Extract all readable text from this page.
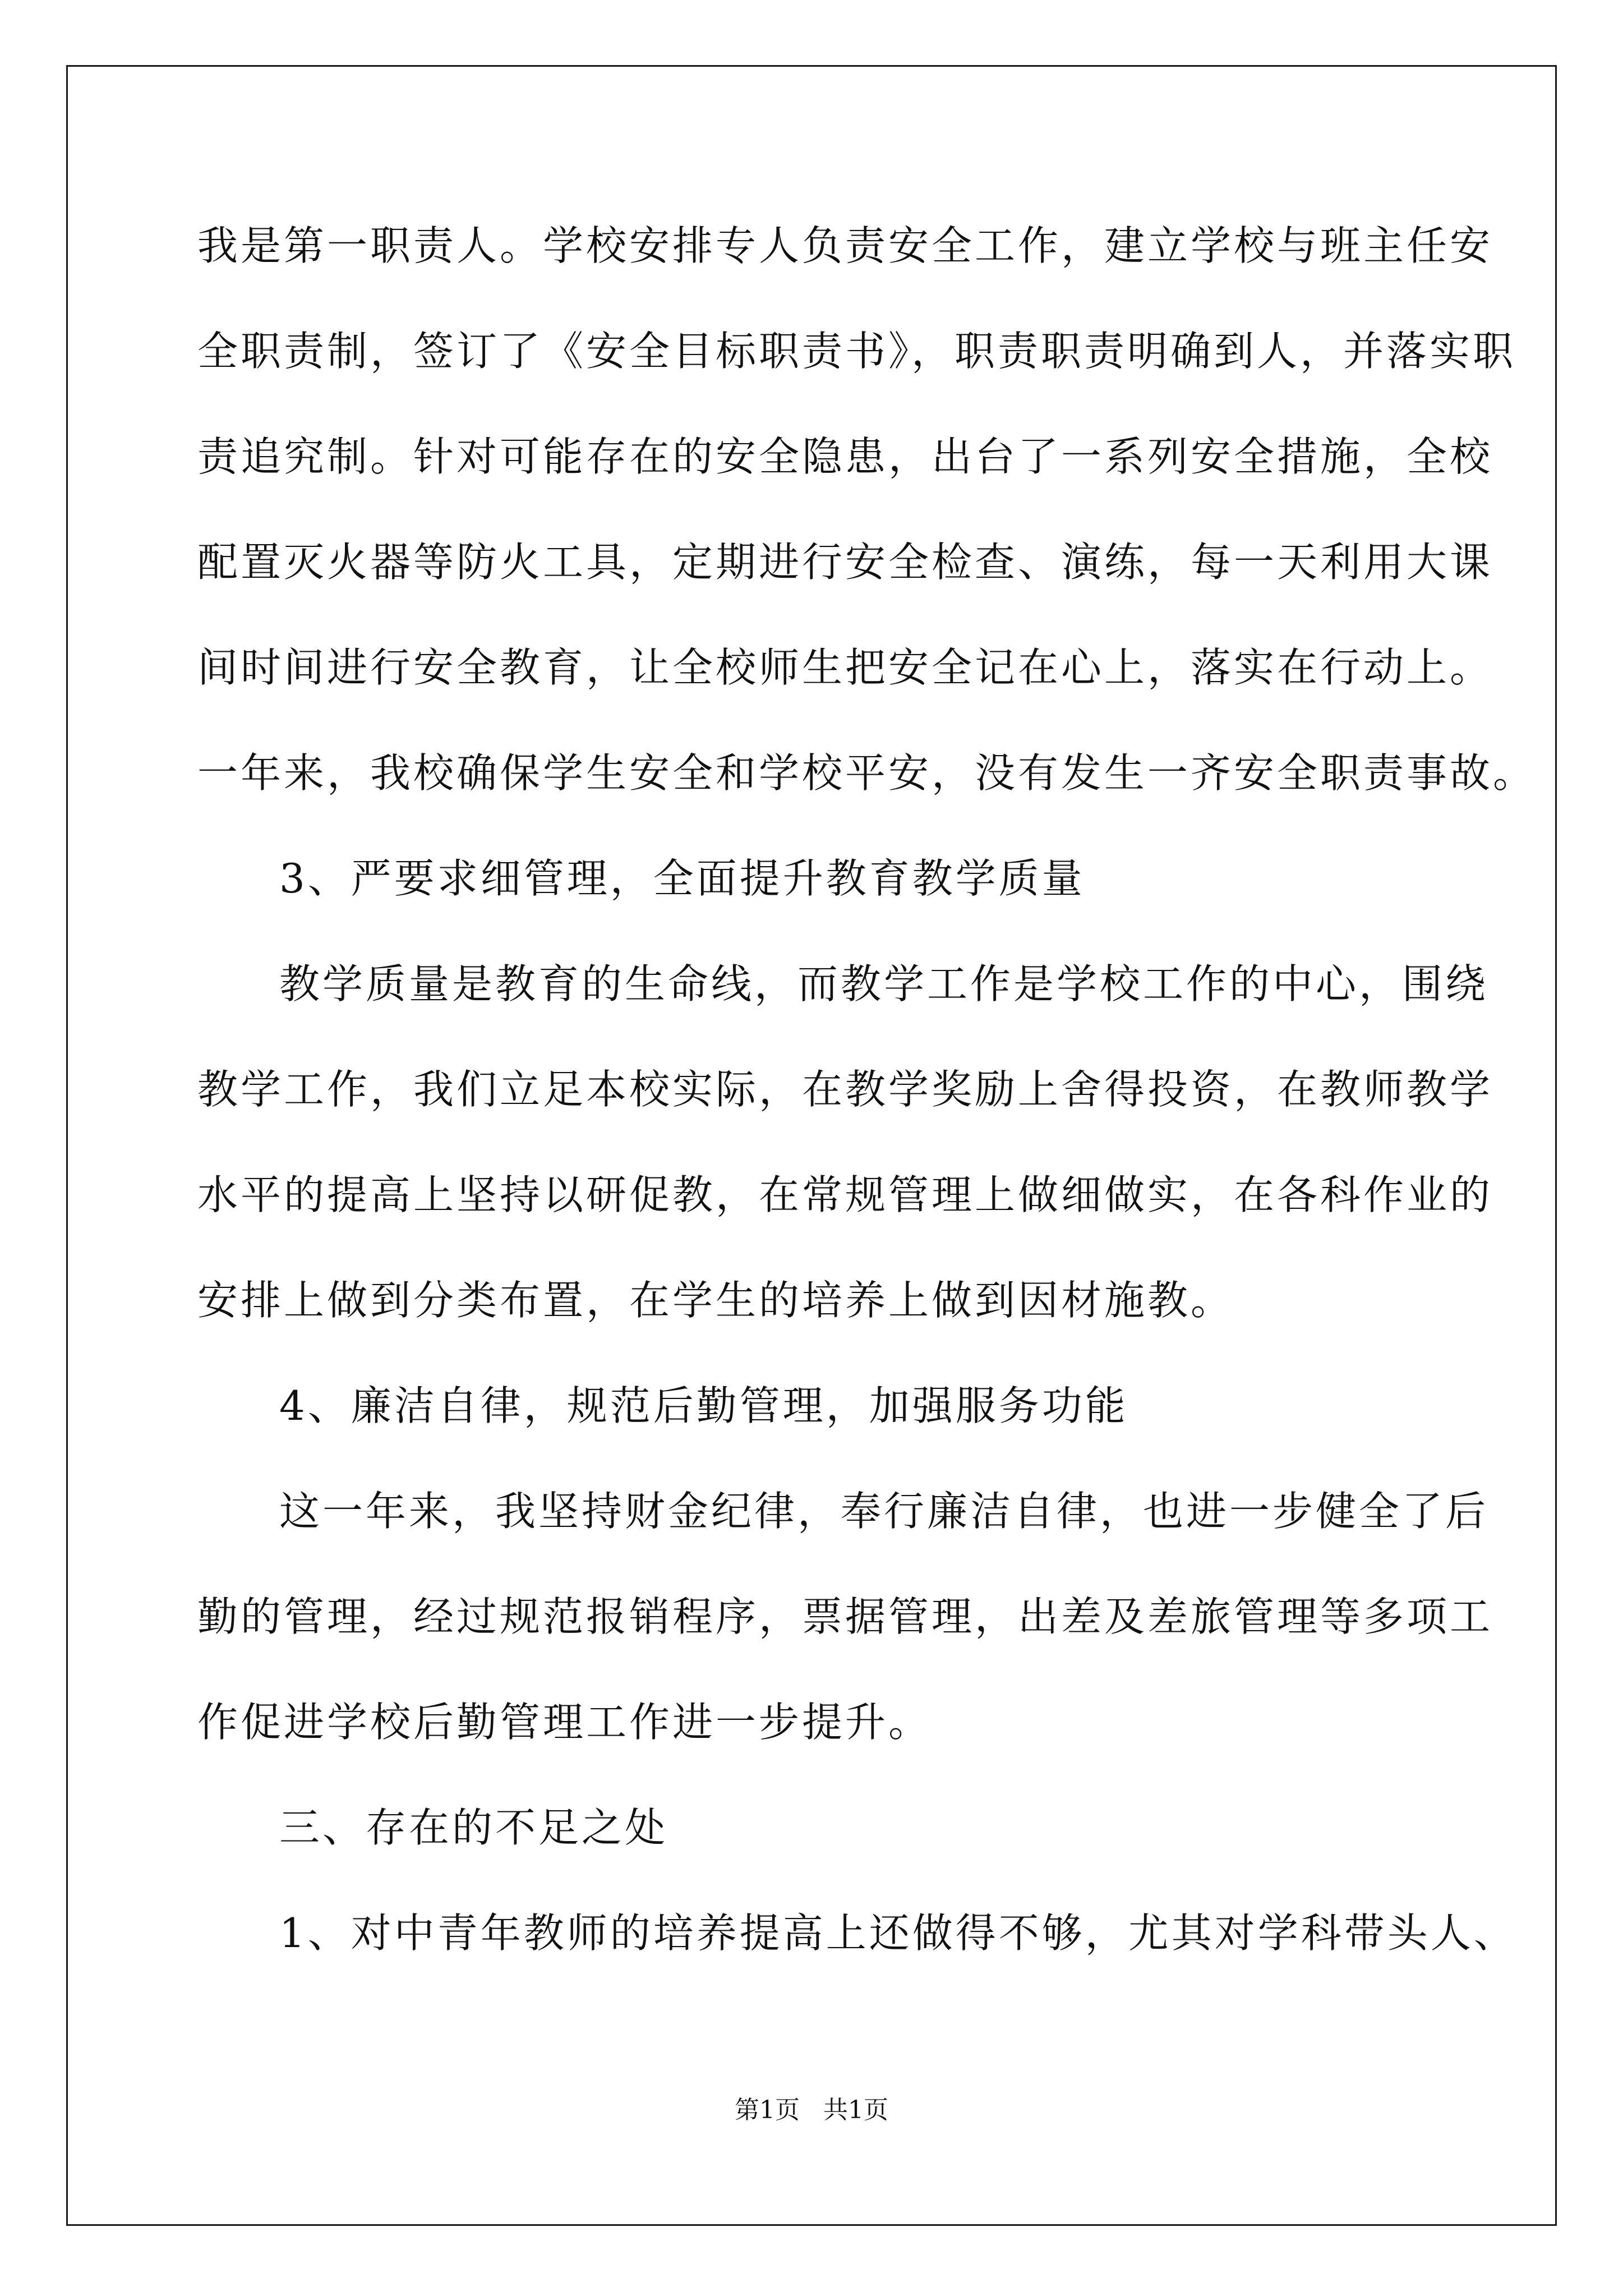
我是第一职责人。学校安排专人负责安全工作，建立学校与班主任安
全职责制，签订了《安全目标职责书》，职责职责明确到人，并落实职
责追究制。针对可能存在的安全隐患，出台了一系列安全措施，全校
配置灭火器等防火工具，定期进行安全检查、演练，每一天利用大课
间时间进行安全教育，让全校师生把安全记在心上，落实在行动上。
一年来，我校确保学生安全和学校平安，没有发生一齐安全职责事故。
3、严要求细管理，全面提升教育教学质量
教学质量是教育的生命线，而教学工作是学校工作的中心，围绕
教学工作，我们立足本校实际，在教学奖励上舍得投资，在教师教学
水平的提高上坚持以研促教，在常规管理上做细做实，在各科作业的
安排上做到分类布置，在学生的培养上做到因材施教。
4、廉洁自律，规范后勤管理，加强服务功能
这一年来，我坚持财金纪律，奉行廉洁自律，也进一步健全了后
勤的管理，经过规范报销程序，票据管理，出差及差旅管理等多项工
作促进学校后勤管理工作进一步提升。
三、存在的不足之处
1、对中青年教师的培养提高上还做得不够，尤其对学科带头人、
第1页   共1页
